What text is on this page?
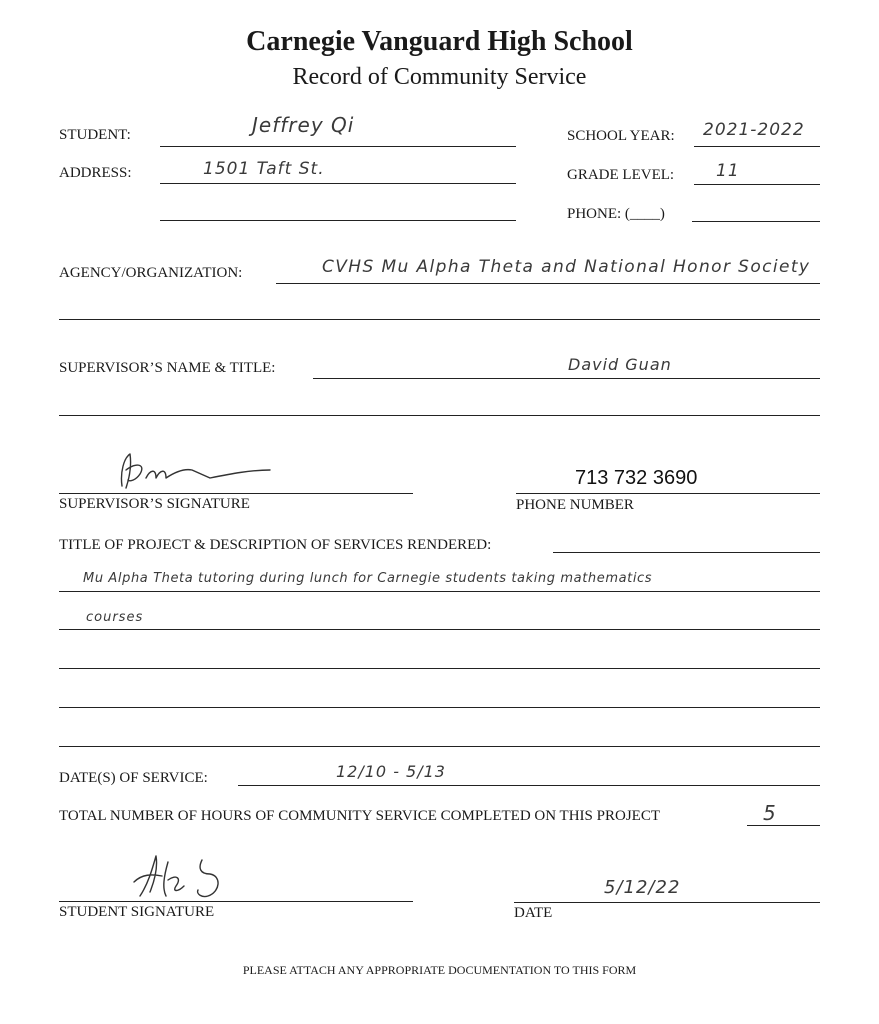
Carnegie Vanguard High School
Record of Community Service
STUDENT:	Jeffrey Qi	SCHOOL YEAR: 2021-2022
ADDRESS:	1501 Taft St.	GRADE LEVEL: 11
PHONE: (____)
AGENCY/ORGANIZATION:	CVHS Mu Alpha Theta and National Honor Society
SUPERVISOR’S NAME & TITLE:	David Guan
SUPERVISOR’S SIGNATURE
713 732 3690
PHONE NUMBER
TITLE OF PROJECT & DESCRIPTION OF SERVICES RENDERED:
Mu Alpha Theta tutoring during lunch for Carnegie students taking mathematics
courses
DATE(S) OF SERVICE:	12/10 - 5/13
TOTAL NUMBER OF HOURS OF COMMUNITY SERVICE COMPLETED ON THIS PROJECT	5
STUDENT SIGNATURE
5/12/22
DATE
PLEASE ATTACH ANY APPROPRIATE DOCUMENTATION TO THIS FORM
